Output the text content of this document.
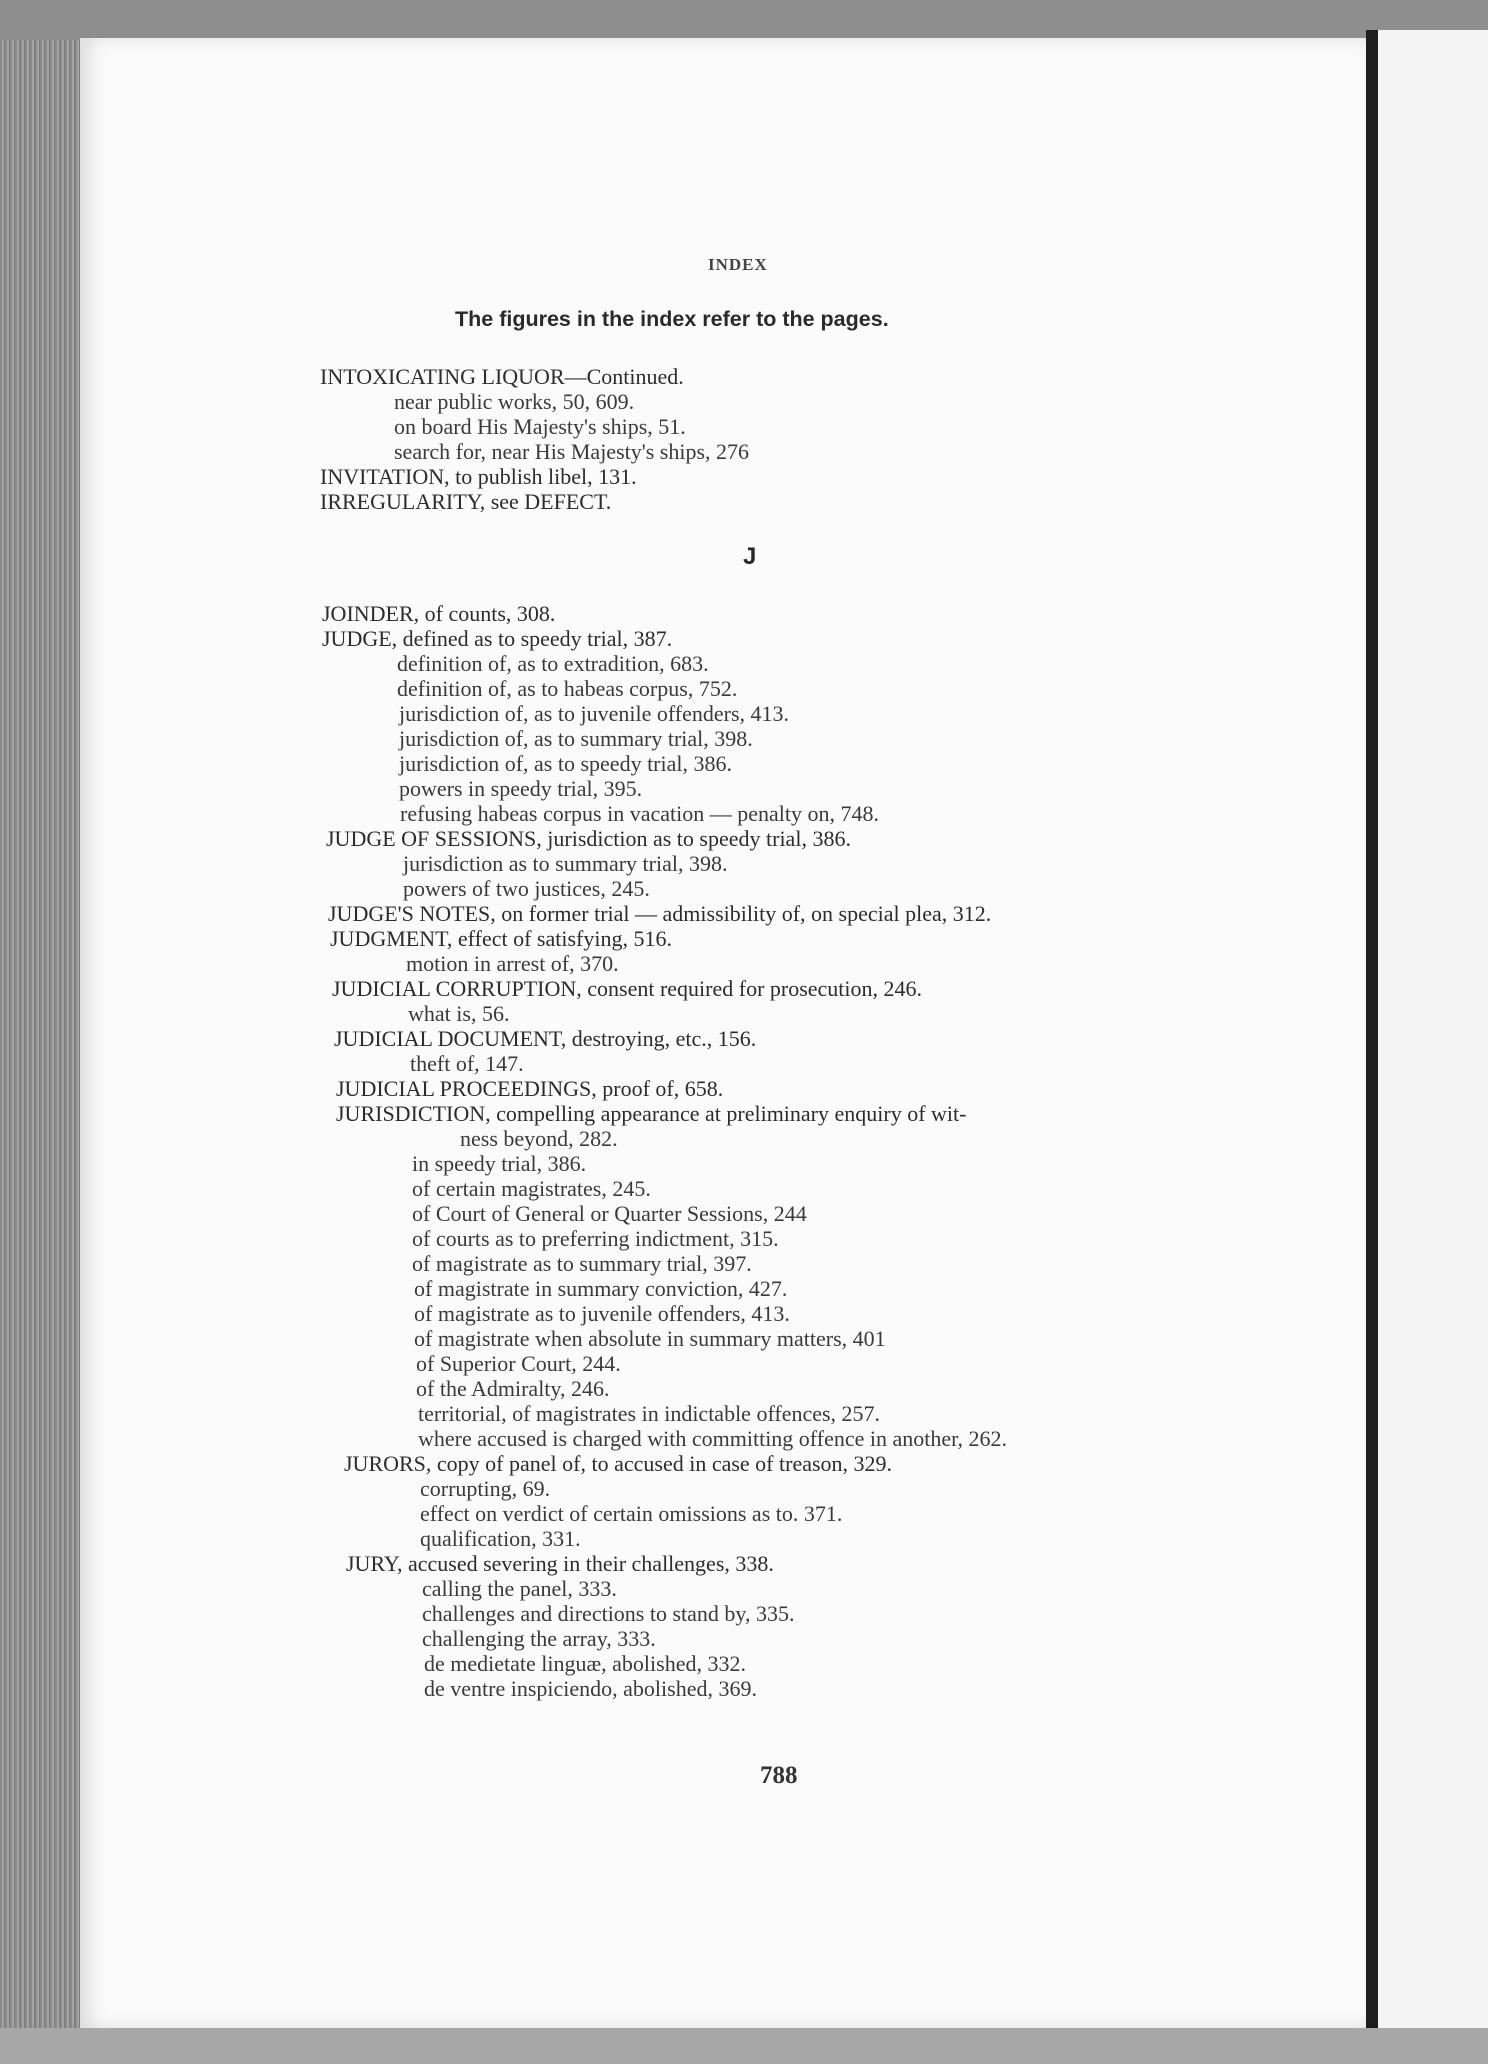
INDEX
The figures in the index refer to the pages.
INTOXICATING LIQUOR—Continued.
near public works, 50, 609.
on board His Majesty's ships, 51.
search for, near His Majesty's ships, 276
INVITATION, to publish libel, 131.
IRREGULARITY, see DEFECT.
J
JOINDER, of counts, 308.
JUDGE, defined as to speedy trial, 387.
definition of, as to extradition, 683.
definition of, as to habeas corpus, 752.
jurisdiction of, as to juvenile offenders, 413.
jurisdiction of, as to summary trial, 398.
jurisdiction of, as to speedy trial, 386.
powers in speedy trial, 395.
refusing habeas corpus in vacation — penalty on, 748.
JUDGE OF SESSIONS, jurisdiction as to speedy trial, 386.
jurisdiction as to summary trial, 398.
powers of two justices, 245.
JUDGE'S NOTES, on former trial — admissibility of, on special plea, 312.
JUDGMENT, effect of satisfying, 516.
motion in arrest of, 370.
JUDICIAL CORRUPTION, consent required for prosecution, 246.
what is, 56.
JUDICIAL DOCUMENT, destroying, etc., 156.
theft of, 147.
JUDICIAL PROCEEDINGS, proof of, 658.
JURISDICTION, compelling appearance at preliminary enquiry of wit-
ness beyond, 282.
in speedy trial, 386.
of certain magistrates, 245.
of Court of General or Quarter Sessions, 244
of courts as to preferring indictment, 315.
of magistrate as to summary trial, 397.
of magistrate in summary conviction, 427.
of magistrate as to juvenile offenders, 413.
of magistrate when absolute in summary matters, 401
of Superior Court, 244.
of the Admiralty, 246.
territorial, of magistrates in indictable offences, 257.
where accused is charged with committing offence in another, 262.
JURORS, copy of panel of, to accused in case of treason, 329.
corrupting, 69.
effect on verdict of certain omissions as to. 371.
qualification, 331.
JURY, accused severing in their challenges, 338.
calling the panel, 333.
challenges and directions to stand by, 335.
challenging the array, 333.
de medietate linguæ, abolished, 332.
de ventre inspiciendo, abolished, 369.
788
